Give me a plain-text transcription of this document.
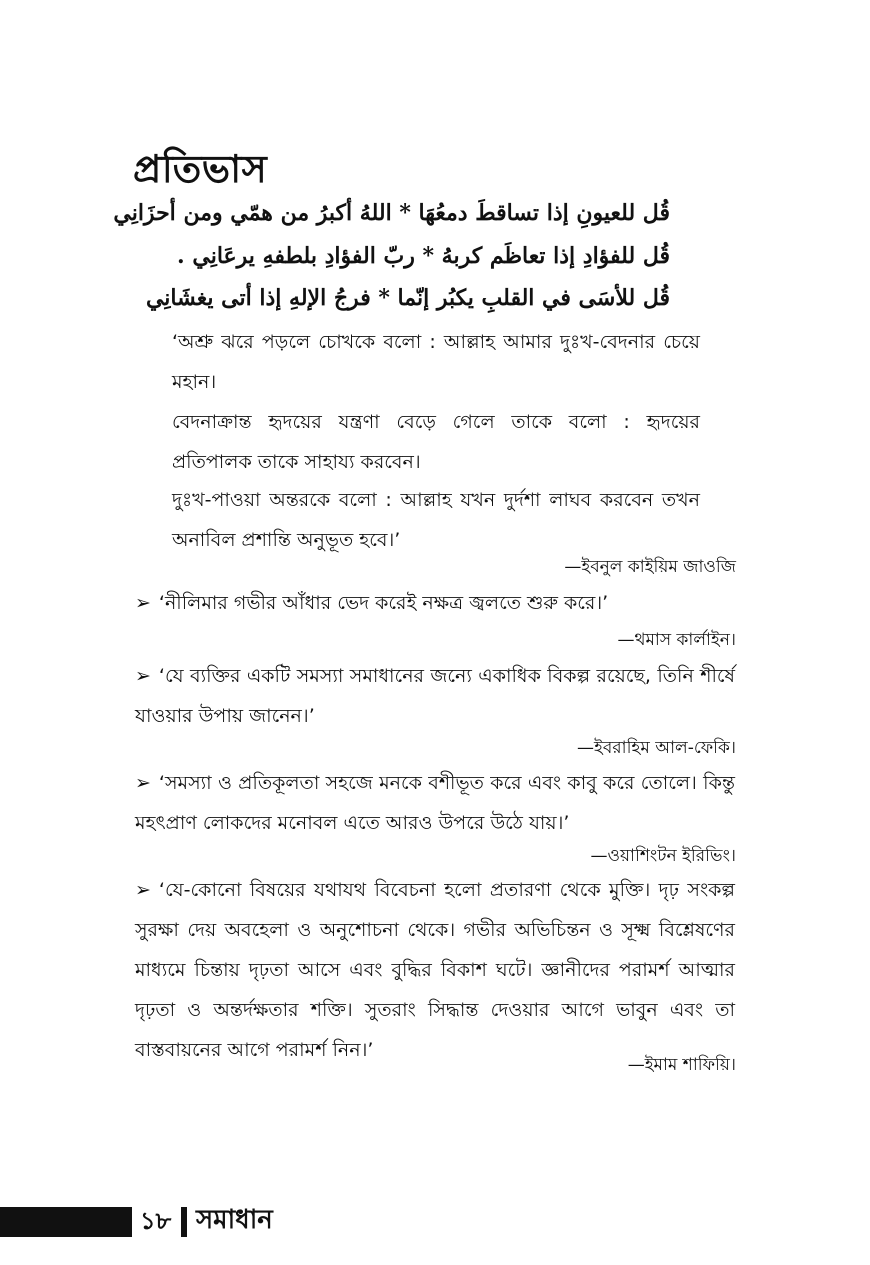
প্রতিভাস
قُل للعيونِ إذا تساقطَ دمعُهَا * اللهُ أكبرُ من همّي ومن أحزَانِي
قُل للفؤادِ إذا تعاظَم كربهُ * ربّ الفؤادِ بلطفهِ يرعَانِي .
قُل للأسَى في القلبِ يكبُر إنّما * فرجُ الإلهِ إذا أتى يغشَانِي
‘অশ্রু ঝরে পড়লে চোখকে বলো : আল্লাহ আমার দুঃখ-বেদনার চেয়ে মহান।
বেদনাক্রান্ত হৃদয়ের যন্ত্রণা বেড়ে গেলে তাকে বলো : হৃদয়ের প্রতিপালক তাকে সাহায্য করবেন।
দুঃখ-পাওয়া অন্তরকে বলো : আল্লাহ যখন দুর্দশা লাঘব করবেন তখন অনাবিল প্রশান্তি অনুভূত হবে।’
—ইবনুল কাইয়িম জাওজি
➢ ‘নীলিমার গভীর আঁধার ভেদ করেই নক্ষত্র জ্বলতে শুরু করে।’
—থমাস কার্লাইন।
➢ ‘যে ব্যক্তির একটি সমস্যা সমাধানের জন্যে একাধিক বিকল্প রয়েছে, তিনি শীর্ষে যাওয়ার উপায় জানেন।’
—ইবরাহিম আল-ফেকি।
➢ ‘সমস্যা ও প্রতিকূলতা সহজে মনকে বশীভূত করে এবং কাবু করে তোলে। কিন্তু মহৎপ্রাণ লোকদের মনোবল এতে আরও উপরে উঠে যায়।’
—ওয়াশিংটন ইরিভিং।
➢ ‘যে-কোনো বিষয়ের যথাযথ বিবেচনা হলো প্রতারণা থেকে মুক্তি। দৃঢ় সংকল্প সুরক্ষা দেয় অবহেলা ও অনুশোচনা থেকে। গভীর অভিচিন্তন ও সূক্ষ্ম বিশ্লেষণের মাধ্যমে চিন্তায় দৃঢ়তা আসে এবং বুদ্ধির বিকাশ ঘটে। জ্ঞানীদের পরামর্শ আত্মার দৃঢ়তা ও অন্তর্দক্ষতার শক্তি। সুতরাং সিদ্ধান্ত দেওয়ার আগে ভাবুন এবং তা বাস্তবায়নের আগে পরামর্শ নিন।’
—ইমাম শাফিয়ি।
১৮ সমাধান
